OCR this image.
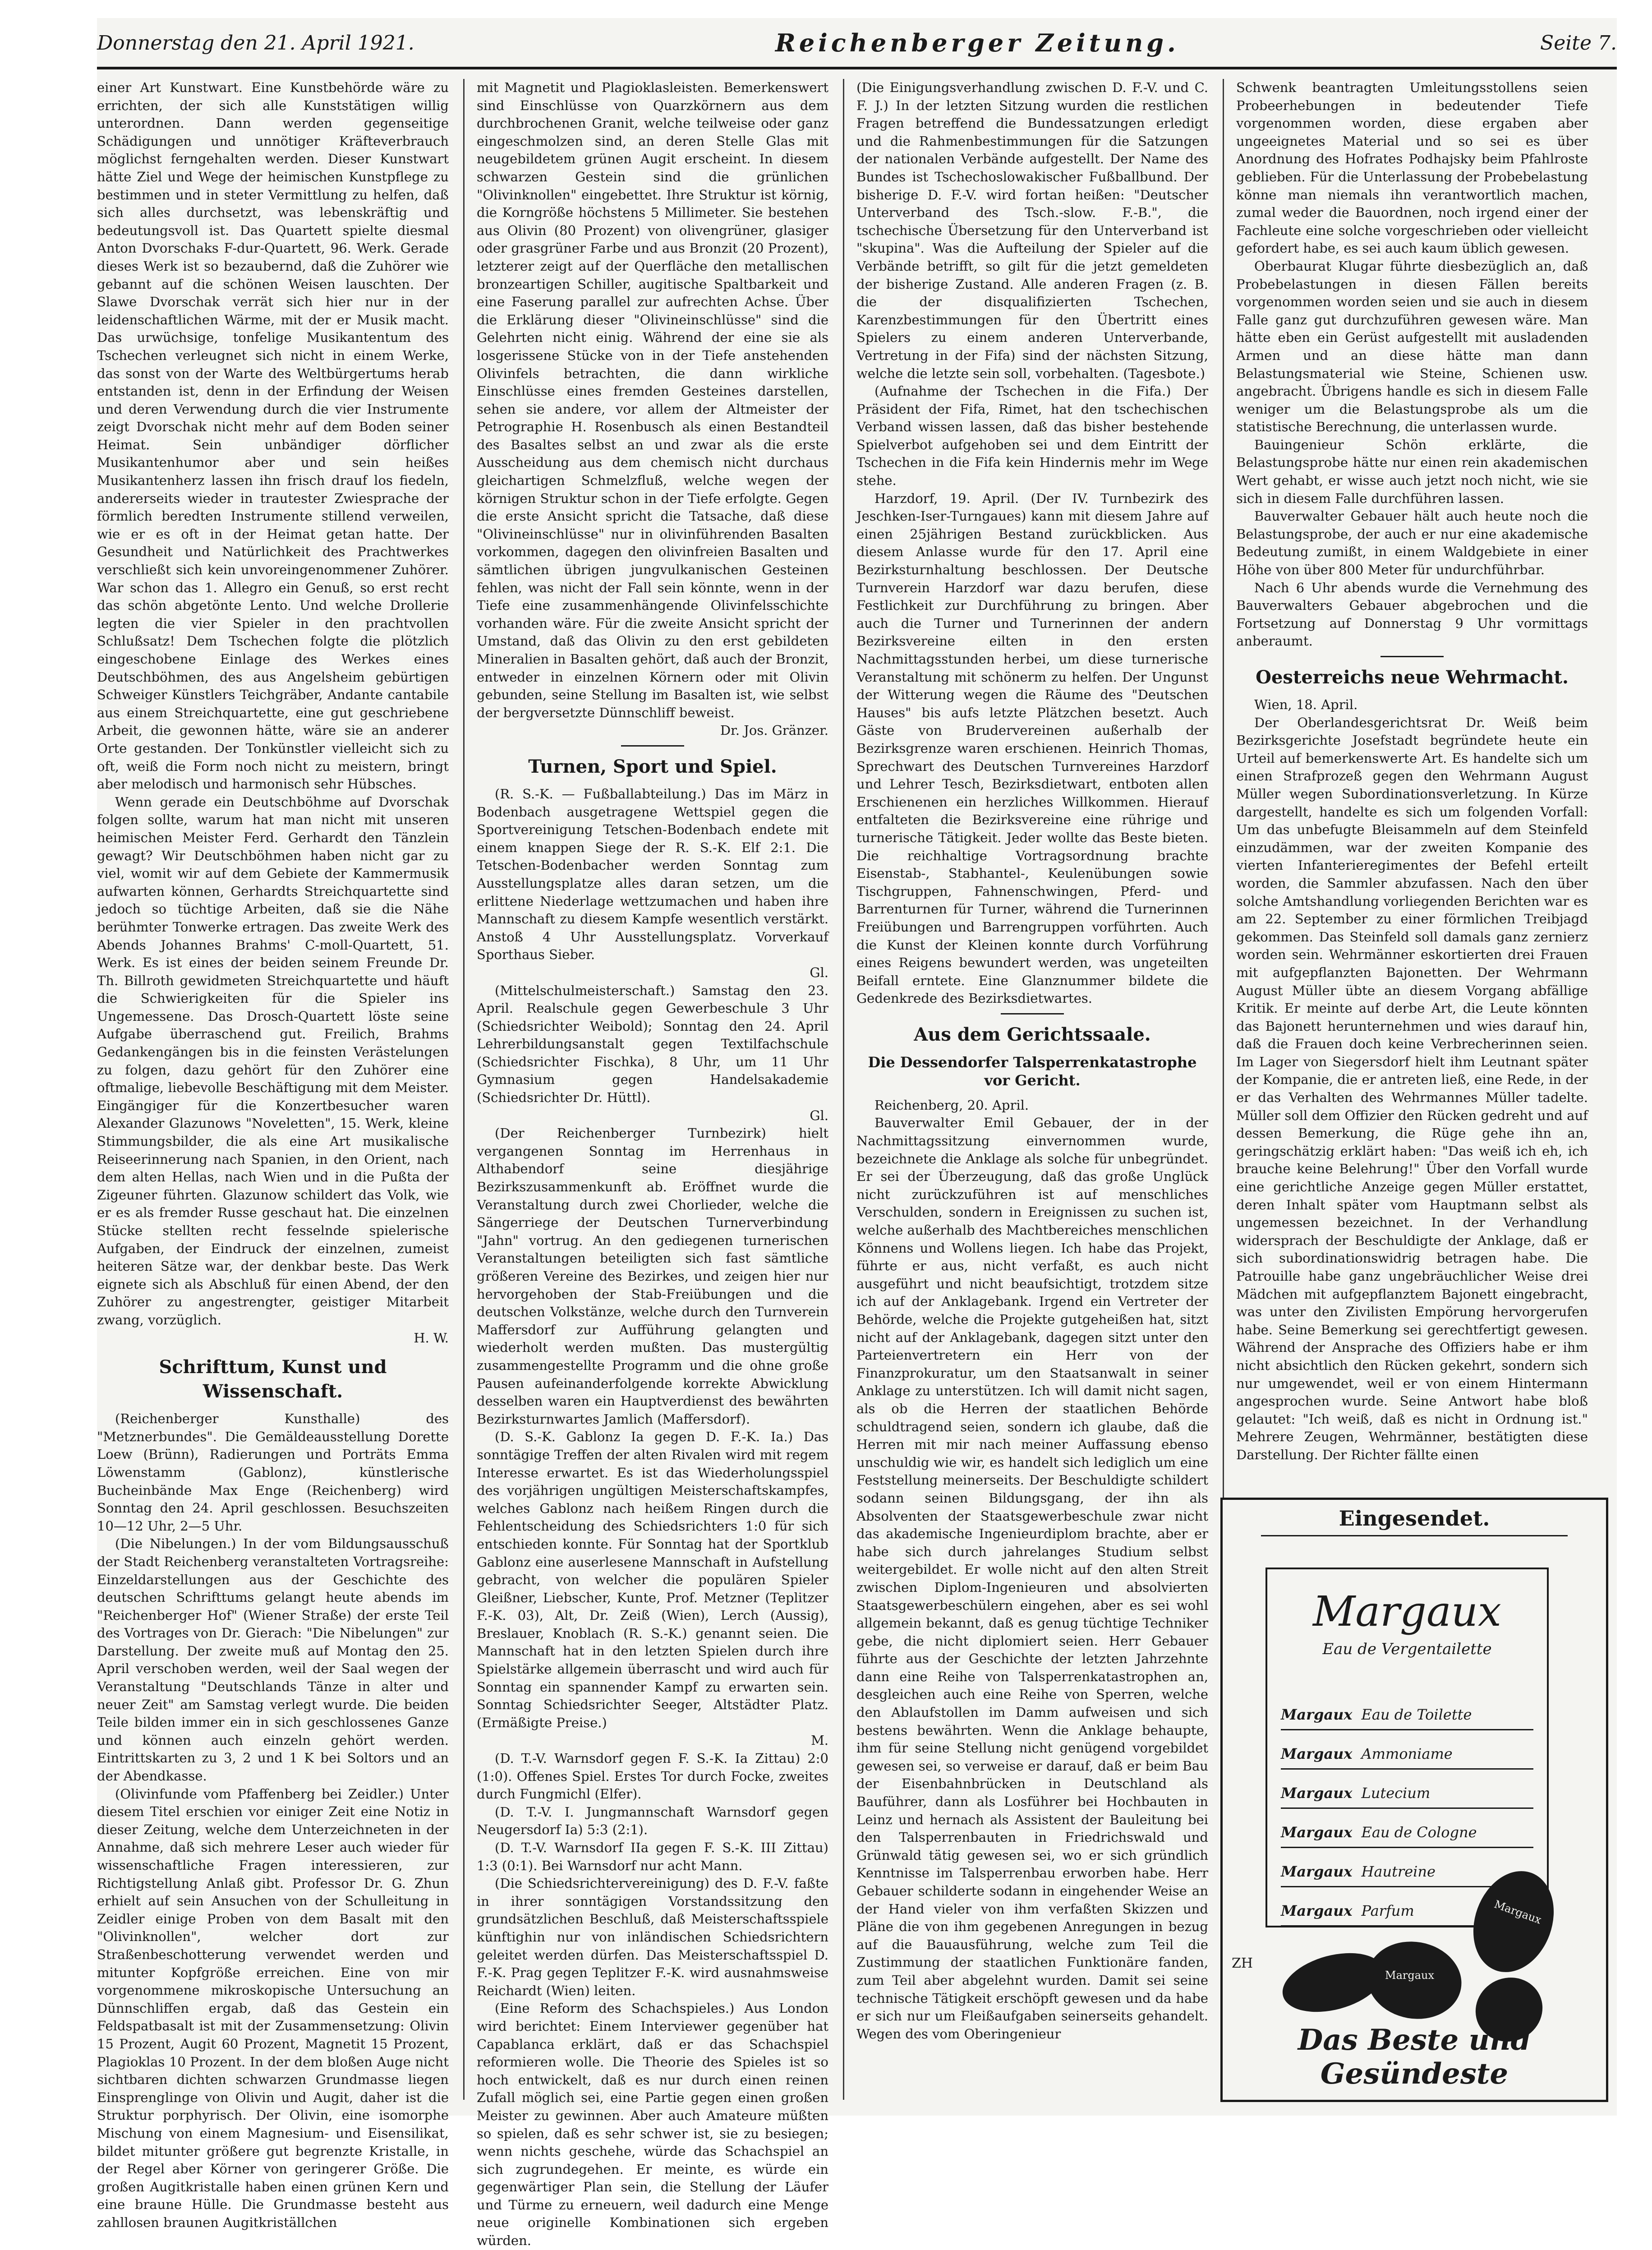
Donnerstag den 21. April 1921.	Reichenberger Zeitung.	Seite 7.

einer Art Kunstwart. Eine Kunstbehörde wäre zu errichten, der sich alle Kunststätigen willig unterordnen. Dann werden gegenseitige Schädigungen und unnötiger Kräfteverbrauch möglichst ferngehalten werden. Dieser Kunstwart hätte Ziel und Wege der heimischen Kunstpflege zu bestimmen und in steter Vermittlung zu helfen, daß sich alles durchsetzt, was lebenskräftig und bedeutungsvoll ist. Das Quartett spielte diesmal Anton Dvorschaks F-dur-Quartett, 96. Werk. Gerade dieses Werk ist so bezaubernd, daß die Zuhörer wie gebannt auf die schönen Weisen lauschten. Der Slawe Dvorschak verrät sich hier nur in der leidenschaftlichen Wärme, mit der er Musik macht. Das urwüchsige, tonfelige Musikantentum des Tschechen verleugnet sich nicht in einem Werke, das sonst von der Warte des Weltbürgertums herab entstanden ist, denn in der Erfindung der Weisen und deren Verwendung durch die vier Instrumente zeigt Dvorschak nicht mehr auf dem Boden seiner Heimat. Sein unbändiger dörflicher Musikantenhumor aber und sein heißes Musikantenherz lassen ihn frisch drauf los fiedeln, andererseits wieder in trautester Zwiesprache der förmlich beredten Instrumente stillend verweilen, wie er es oft in der Heimat getan hatte. Der Gesundheit und Natürlichkeit des Prachtwerkes verschließt sich kein unvoreingenommener Zuhörer. War schon das 1. Allegro ein Genuß, so erst recht das schön abgetönte Lento. Und welche Drollerie legten die vier Spieler in den prachtvollen Schlußsatz! Dem Tschechen folgte die plötzlich eingeschobene Einlage des Werkes eines Deutschböhmen, des aus Angelsheim gebürtigen Schweiger Künstlers Teichgräber, Andante cantabile aus einem Streichquartette, eine gut geschriebene Arbeit, die gewonnen hätte, wäre sie an anderer Orte gestanden. Der Tonkünstler vielleicht sich zu oft, weiß die Form noch nicht zu meistern, bringt aber melodisch und harmonisch sehr Hübsches.

Wenn gerade ein Deutschböhme auf Dvorschak folgen sollte, warum hat man nicht mit unseren heimischen Meister Ferd. Gerhardt den Tänzlein gewagt? Wir Deutschböhmen haben nicht gar zu viel, womit wir auf dem Gebiete der Kammermusik aufwarten können, Gerhardts Streichquartette sind jedoch so tüchtige Arbeiten, daß sie die Nähe berühmter Tonwerke ertragen. Das zweite Werk des Abends Johannes Brahms' C-moll-Quartett, 51. Werk. Es ist eines der beiden seinem Freunde Dr. Th. Billroth gewidmeten Streichquartette und häuft die Schwierigkeiten für die Spieler ins Ungemessene. Das Drosch-Quartett löste seine Aufgabe überraschend gut. Freilich, Brahms Gedankengängen bis in die feinsten Verästelungen zu folgen, dazu gehört für den Zuhörer eine oftmalige, liebevolle Beschäftigung mit dem Meister. Eingängiger für die Konzertbesucher waren Alexander Glazunows "Noveletten", 15. Werk, kleine Stimmungsbilder, die als eine Art musikalische Reiseerinnerung nach Spanien, in den Orient, nach dem alten Hellas, nach Wien und in die Pußta der Zigeuner führten. Glazunow schildert das Volk, wie er es als fremder Russe geschaut hat. Die einzelnen Stücke stellten recht fesselnde spielerische Aufgaben, der Eindruck der einzelnen, zumeist heiteren Sätze war, der denkbar beste. Das Werk eignete sich als Abschluß für einen Abend, der den Zuhörer zu angestrengter, geistiger Mitarbeit zwang, vorzüglich.

H. W.

Schrifttum, Kunst und Wissenschaft.

(Reichenberger Kunsthalle) des "Metznerbundes". Die Gemäldeausstellung Dorette Loew (Brünn), Radierungen und Porträts Emma Löwenstamm (Gablonz), künstlerische Bucheinbände Max Enge (Reichenberg) wird Sonntag den 24. April geschlossen. Besuchszeiten 10—12 Uhr, 2—5 Uhr.

(Die Nibelungen.) In der vom Bildungsausschuß der Stadt Reichenberg veranstalteten Vortragsreihe: Einzeldarstellungen aus der Geschichte des deutschen Schrifttums gelangt heute abends im "Reichenberger Hof" (Wiener Straße) der erste Teil des Vortrages von Dr. Gierach: "Die Nibelungen" zur Darstellung. Der zweite muß auf Montag den 25. April verschoben werden, weil der Saal wegen der Veranstaltung "Deutschlands Tänze in alter und neuer Zeit" am Samstag verlegt wurde. Die beiden Teile bilden immer ein in sich geschlossenes Ganze und können auch einzeln gehört werden. Eintrittskarten zu 3, 2 und 1 K bei Soltors und an der Abendkasse.

(Olivinfunde vom Pfaffenberg bei Zeidler.) Unter diesem Titel erschien vor einiger Zeit eine Notiz in dieser Zeitung, welche dem Unterzeichneten in der Annahme, daß sich mehrere Leser auch wieder für wissenschaftliche Fragen interessieren, zur Richtigstellung Anlaß gibt. Professor Dr. G. Zhun erhielt auf sein Ansuchen von der Schulleitung in Zeidler einige Proben von dem Basalt mit den "Olivinknollen", welcher dort zur Straßenbeschotterung verwendet werden und mitunter Kopfgröße erreichen. Eine von mir vorgenommene mikroskopische Untersuchung an Dünnschliffen ergab, daß das Gestein ein Feldspatbasalt ist mit der Zusammensetzung: Olivin 15 Prozent, Augit 60 Prozent, Magnetit 15 Prozent, Plagioklas 10 Prozent. In der dem bloßen Auge nicht sichtbaren dichten schwarzen Grundmasse liegen Einsprenglinge von Olivin und Augit, daher ist die Struktur porphyrisch. Der Olivin, eine isomorphe Mischung von einem Magnesium- und Eisensilikat, bildet mitunter größere gut begrenzte Kristalle, in der Regel aber Körner von geringerer Größe. Die großen Augitkristalle haben einen grünen Kern und eine braune Hülle. Die Grundmasse besteht aus zahllosen braunen Augitkriställchen

mit Magnetit und Plagioklasleisten. Bemerkenswert sind Einschlüsse von Quarzkörnern aus dem durchbrochenen Granit, welche teilweise oder ganz eingeschmolzen sind, an deren Stelle Glas mit neugebildetem grünen Augit erscheint. In diesem schwarzen Gestein sind die grünlichen "Olivinknollen" eingebettet. Ihre Struktur ist körnig, die Korngröße höchstens 5 Millimeter. Sie bestehen aus Olivin (80 Prozent) von olivengrüner, glasiger oder grasgrüner Farbe und aus Bronzit (20 Prozent), letzterer zeigt auf der Querfläche den metallischen bronzeartigen Schiller, augitische Spaltbarkeit und eine Faserung parallel zur aufrechten Achse. Über die Erklärung dieser "Olivineinschlüsse" sind die Gelehrten nicht einig. Während der eine sie als losgerissene Stücke von in der Tiefe anstehenden Olivinfels betrachten, die dann wirkliche Einschlüsse eines fremden Gesteines darstellen, sehen sie andere, vor allem der Altmeister der Petrographie H. Rosenbusch als einen Bestandteil des Basaltes selbst an und zwar als die erste Ausscheidung aus dem chemisch nicht durchaus gleichartigen Schmelzfluß, welche wegen der körnigen Struktur schon in der Tiefe erfolgte. Gegen die erste Ansicht spricht die Tatsache, daß diese "Olivineinschlüsse" nur in olivinführenden Basalten vorkommen, dagegen den olivinfreien Basalten und sämtlichen übrigen jungvulkanischen Gesteinen fehlen, was nicht der Fall sein könnte, wenn in der Tiefe eine zusammenhängende Olivinfelsschichte vorhanden wäre. Für die zweite Ansicht spricht der Umstand, daß das Olivin zu den erst gebildeten Mineralien in Basalten gehört, daß auch der Bronzit, entweder in einzelnen Körnern oder mit Olivin gebunden, seine Stellung im Basalten ist, wie selbst der bergversetzte Dünnschliff beweist.

Dr. Jos. Gränzer.

Turnen, Sport und Spiel.

(R. S.-K. — Fußballabteilung.) Das im März in Bodenbach ausgetragene Wettspiel gegen die Sportvereinigung Tetschen-Bodenbach endete mit einem knappen Siege der R. S.-K. Elf 2:1. Die Tetschen-Bodenbacher werden Sonntag zum Ausstellungsplatze alles daran setzen, um die erlittene Niederlage wettzumachen und haben ihre Mannschaft zu diesem Kampfe wesentlich verstärkt. Anstoß 4 Uhr Ausstellungsplatz. Vorverkauf Sporthaus Sieber.

Gl.

(Mittelschulmeisterschaft.) Samstag den 23. April. Realschule gegen Gewerbeschule 3 Uhr (Schiedsrichter Weibold); Sonntag den 24. April Lehrerbildungsanstalt gegen Textilfachschule (Schiedsrichter Fischka), 8 Uhr, um 11 Uhr Gymnasium gegen Handelsakademie (Schiedsrichter Dr. Hüttl).

Gl.

(Der Reichenberger Turnbezirk) hielt vergangenen Sonntag im Herrenhaus in Althabendorf seine diesjährige Bezirkszusammenkunft ab. Eröffnet wurde die Veranstaltung durch zwei Chorlieder, welche die Sängerriege der Deutschen Turnerverbindung "Jahn" vortrug. An den gediegenen turnerischen Veranstaltungen beteiligten sich fast sämtliche größeren Vereine des Bezirkes, und zeigen hier nur hervorgehoben der Stab-Freiübungen und die deutschen Volkstänze, welche durch den Turnverein Maffersdorf zur Aufführung gelangten und wiederholt werden mußten. Das mustergültig zusammengestellte Programm und die ohne große Pausen aufeinanderfolgende korrekte Abwicklung desselben waren ein Hauptverdienst des bewährten Bezirksturnwartes Jamlich (Maffersdorf).

(D. S.-K. Gablonz Ia gegen D. F.-K. Ia.) Das sonntägige Treffen der alten Rivalen wird mit regem Interesse erwartet. Es ist das Wiederholungsspiel des vorjährigen ungültigen Meisterschaftskampfes, welches Gablonz nach heißem Ringen durch die Fehlentscheidung des Schiedsrichters 1:0 für sich entschieden konnte. Für Sonntag hat der Sportklub Gablonz eine auserlesene Mannschaft in Aufstellung gebracht, von welcher die populären Spieler Gleißner, Liebscher, Kunte, Prof. Metzner (Teplitzer F.-K. 03), Alt, Dr. Zeiß (Wien), Lerch (Aussig), Breslauer, Knoblach (R. S.-K.) genannt seien. Die Mannschaft hat in den letzten Spielen durch ihre Spielstärke allgemein überrascht und wird auch für Sonntag ein spannender Kampf zu erwarten sein. Sonntag Schiedsrichter Seeger, Altstädter Platz. (Ermäßigte Preise.)

M.

(D. T.-V. Warnsdorf gegen F. S.-K. Ia Zittau) 2:0 (1:0). Offenes Spiel. Erstes Tor durch Focke, zweites durch Fungmichl (Elfer).

(D. T.-V. I. Jungmannschaft Warnsdorf gegen Neugersdorf Ia) 5:3 (2:1).

(D. T.-V. Warnsdorf IIa gegen F. S.-K. III Zittau) 1:3 (0:1). Bei Warnsdorf nur acht Mann.

(Die Schiedsrichtervereinigung) des D. F.-V. faßte in ihrer sonntägigen Vorstandssitzung den grundsätzlichen Beschluß, daß Meisterschaftsspiele künftighin nur von inländischen Schiedsrichtern geleitet werden dürfen. Das Meisterschaftsspiel D. F.-K. Prag gegen Teplitzer F.-K. wird ausnahmsweise Reichardt (Wien) leiten.

(Eine Reform des Schachspieles.) Aus London wird berichtet: Einem Interviewer gegenüber hat Capablanca erklärt, daß er das Schachspiel reformieren wolle. Die Theorie des Spieles ist so hoch entwickelt, daß es nur durch einen reinen Zufall möglich sei, eine Partie gegen einen großen Meister zu gewinnen. Aber auch Amateure müßten so spielen, daß es sehr schwer ist, sie zu besiegen; wenn nichts geschehe, würde das Schachspiel an sich zugrundegehen. Er meinte, es würde ein gegenwärtiger Plan sein, die Stellung der Läufer und Türme zu erneuern, weil dadurch eine Menge neue originelle Kombinationen sich ergeben würden.

(Die Einigungsverhandlung zwischen D. F.-V. und C. F. J.) In der letzten Sitzung wurden die restlichen Fragen betreffend die Bundessatzungen erledigt und die Rahmenbestimmungen für die Satzungen der nationalen Verbände aufgestellt. Der Name des Bundes ist Tschechoslowakischer Fußballbund. Der bisherige D. F.-V. wird fortan heißen: "Deutscher Unterverband des Tsch.-slow. F.-B.", die tschechische Übersetzung für den Unterverband ist "skupina". Was die Aufteilung der Spieler auf die Verbände betrifft, so gilt für die jetzt gemeldeten der bisherige Zustand. Alle anderen Fragen (z. B. die der disqualifizierten Tschechen, Karenzbestimmungen für den Übertritt eines Spielers zu einem anderen Unterverbande, Vertretung in der Fifa) sind der nächsten Sitzung, welche die letzte sein soll, vorbehalten. (Tagesbote.)

(Aufnahme der Tschechen in die Fifa.) Der Präsident der Fifa, Rimet, hat den tschechischen Verband wissen lassen, daß das bisher bestehende Spielverbot aufgehoben sei und dem Eintritt der Tschechen in die Fifa kein Hindernis mehr im Wege stehe.

Harzdorf, 19. April. (Der IV. Turnbezirk des Jeschken-Iser-Turngaues) kann mit diesem Jahre auf einen 25jährigen Bestand zurückblicken. Aus diesem Anlasse wurde für den 17. April eine Bezirksturnhaltung beschlossen. Der Deutsche Turnverein Harzdorf war dazu berufen, diese Festlichkeit zur Durchführung zu bringen. Aber auch die Turner und Turnerinnen der andern Bezirksvereine eilten in den ersten Nachmittagsstunden herbei, um diese turnerische Veranstaltung mit schönerm zu helfen. Der Ungunst der Witterung wegen die Räume des "Deutschen Hauses" bis aufs letzte Plätzchen besetzt. Auch Gäste von Brudervereinen außerhalb der Bezirksgrenze waren erschienen. Heinrich Thomas, Sprechwart des Deutschen Turnvereines Harzdorf und Lehrer Tesch, Bezirksdietwart, entboten allen Erschienenen ein herzliches Willkommen. Hierauf entfalteten die Bezirksvereine eine rührige und turnerische Tätigkeit. Jeder wollte das Beste bieten. Die reichhaltige Vortragsordnung brachte Eisenstab-, Stabhantel-, Keulenübungen sowie Tischgruppen, Fahnenschwingen, Pferd- und Barrenturnen für Turner, während die Turnerinnen Freiübungen und Barrengruppen vorführten. Auch die Kunst der Kleinen konnte durch Vorführung eines Reigens bewundert werden, was ungeteilten Beifall erntete. Eine Glanznummer bildete die Gedenkrede des Bezirksdietwartes.

Aus dem Gerichtssaale.
Die Dessendorfer Talsperrenkatastrophe vor Gericht.

Reichenberg, 20. April.

Bauverwalter Emil Gebauer, der in der Nachmittagssitzung einvernommen wurde, bezeichnete die Anklage als solche für unbegründet. Er sei der Überzeugung, daß das große Unglück nicht zurückzuführen ist auf menschliches Verschulden, sondern in Ereignissen zu suchen ist, welche außerhalb des Machtbereiches menschlichen Könnens und Wollens liegen. Ich habe das Projekt, führte er aus, nicht verfaßt, es auch nicht ausgeführt und nicht beaufsichtigt, trotzdem sitze ich auf der Anklagebank. Irgend ein Vertreter der Behörde, welche die Projekte gutgeheißen hat, sitzt nicht auf der Anklagebank, dagegen sitzt unter den Parteienvertretern ein Herr von der Finanzprokuratur, um den Staatsanwalt in seiner Anklage zu unterstützen. Ich will damit nicht sagen, als ob die Herren der staatlichen Behörde schuldtragend seien, sondern ich glaube, daß die Herren mit mir nach meiner Auffassung ebenso unschuldig wie wir, es handelt sich lediglich um eine Feststellung meinerseits. Der Beschuldigte schildert sodann seinen Bildungsgang, der ihn als Absolventen der Staatsgewerbeschule zwar nicht das akademische Ingenieurdiplom brachte, aber er habe sich durch jahrelanges Studium selbst weitergebildet. Er wolle nicht auf den alten Streit zwischen Diplom-Ingenieuren und absolvierten Staatsgewerbeschülern eingehen, aber es sei wohl allgemein bekannt, daß es genug tüchtige Techniker gebe, die nicht diplomiert seien. Herr Gebauer führte aus der Geschichte der letzten Jahrzehnte dann eine Reihe von Talsperrenkatastrophen an, desgleichen auch eine Reihe von Sperren, welche den Ablaufstollen im Damm aufweisen und sich bestens bewährten. Wenn die Anklage behaupte, ihm für seine Stellung nicht genügend vorgebildet gewesen sei, so verweise er darauf, daß er beim Bau der Eisenbahnbrücken in Deutschland als Bauführer, dann als Losführer bei Hochbauten in Leinz und hernach als Assistent der Bauleitung bei den Talsperrenbauten in Friedrichswald und Grünwald tätig gewesen sei, wo er sich gründlich Kenntnisse im Talsperrenbau erworben habe. Herr Gebauer schilderte sodann in eingehender Weise an der Hand vieler von ihm verfaßten Skizzen und Pläne die von ihm gegebenen Anregungen in bezug auf die Bauausführung, welche zum Teil die Zustimmung der staatlichen Funktionäre fanden, zum Teil aber abgelehnt wurden. Damit sei seine technische Tätigkeit erschöpft gewesen und da habe er sich nur um Fleißaufgaben seinerseits gehandelt. Wegen des vom Oberingenieur

Schwenk beantragten Umleitungsstollens seien Probeerhebungen in bedeutender Tiefe vorgenommen worden, diese ergaben aber ungeeignetes Material und so sei es über Anordnung des Hofrates Podhajsky beim Pfahlroste geblieben. Für die Unterlassung der Probebelastung könne man niemals ihn verantwortlich machen, zumal weder die Bauordnen, noch irgend einer der Fachleute eine solche vorgeschrieben oder vielleicht gefordert habe, es sei auch kaum üblich gewesen.

Oberbaurat Klugar führte diesbezüglich an, daß Probebelastungen in diesen Fällen bereits vorgenommen worden seien und sie auch in diesem Falle ganz gut durchzuführen gewesen wäre. Man hätte eben ein Gerüst aufgestellt mit ausladenden Armen und an diese hätte man dann Belastungsmaterial wie Steine, Schienen usw. angebracht. Übrigens handle es sich in diesem Falle weniger um die Belastungsprobe als um die statistische Berechnung, die unterlassen wurde.

Bauingenieur Schön erklärte, die Belastungsprobe hätte nur einen rein akademischen Wert gehabt, er wisse auch jetzt noch nicht, wie sie sich in diesem Falle durchführen lassen.

Bauverwalter Gebauer hält auch heute noch die Belastungsprobe, der auch er nur eine akademische Bedeutung zumißt, in einem Waldgebiete in einer Höhe von über 800 Meter für undurchführbar.

Nach 6 Uhr abends wurde die Vernehmung des Bauverwalters Gebauer abgebrochen und die Fortsetzung auf Donnerstag 9 Uhr vormittags anberaumt.

Oesterreichs neue Wehrmacht.

Wien, 18. April.

Der Oberlandesgerichtsrat Dr. Weiß beim Bezirksgerichte Josefstadt begründete heute ein Urteil auf bemerkenswerte Art. Es handelte sich um einen Strafprozeß gegen den Wehrmann August Müller wegen Subordinationsverletzung. In Kürze dargestellt, handelte es sich um folgenden Vorfall: Um das unbefugte Bleisammeln auf dem Steinfeld einzudämmen, war der zweiten Kompanie des vierten Infanterieregimentes der Befehl erteilt worden, die Sammler abzufassen. Nach den über solche Amtshandlung vorliegenden Berichten war es am 22. September zu einer förmlichen Treibjagd gekommen. Das Steinfeld soll damals ganz zernierz worden sein. Wehrmänner eskortierten drei Frauen mit aufgepflanzten Bajonetten. Der Wehrmann August Müller übte an diesem Vorgang abfällige Kritik. Er meinte auf derbe Art, die Leute könnten das Bajonett herunternehmen und wies darauf hin, daß die Frauen doch keine Verbrecherinnen seien. Im Lager von Siegersdorf hielt ihm Leutnant später der Kompanie, die er antreten ließ, eine Rede, in der er das Verhalten des Wehrmannes Müller tadelte. Müller soll dem Offizier den Rücken gedreht und auf dessen Bemerkung, die Rüge gehe ihn an, geringschätzig erklärt haben: "Das weiß ich eh, ich brauche keine Belehrung!" Über den Vorfall wurde eine gerichtliche Anzeige gegen Müller erstattet, deren Inhalt später vom Hauptmann selbst als ungemessen bezeichnet. In der Verhandlung widersprach der Beschuldigte der Anklage, daß er sich subordinationswidrig betragen habe. Die Patrouille habe ganz ungebräuchlicher Weise drei Mädchen mit aufgepflanztem Bajonett eingebracht, was unter den Zivilisten Empörung hervorgerufen habe. Seine Bemerkung sei gerechtfertigt gewesen. Während der Ansprache des Offiziers habe er ihm nicht absichtlich den Rücken gekehrt, sondern sich nur umgewendet, weil er von einem Hintermann angesprochen wurde. Seine Antwort habe bloß gelautet: "Ich weiß, daß es nicht in Ordnung ist." Mehrere Zeugen, Wehrmänner, bestätigten diese Darstellung. Der Richter fällte einen

Eingesendet.
Margaux
Eau de Vergentailette
Margaux Eau de Toilette
Margaux Ammoniame
Margaux Lutecium
Margaux Eau de Cologne
Margaux Hautreine
Margaux Parfum	Margaux
Margaux
ZH
Das Beste und Gesündeste
